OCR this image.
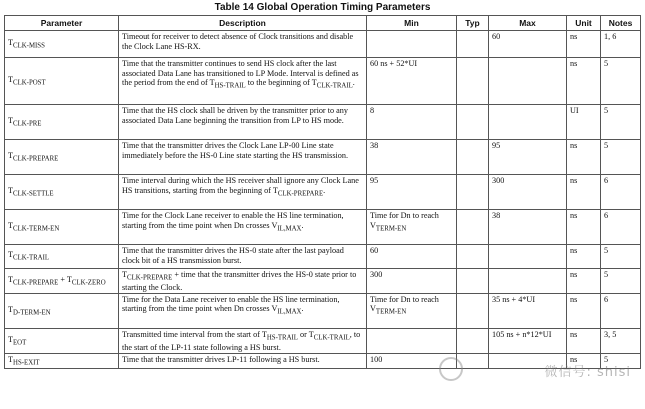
Table 14 Global Operation Timing Parameters
Parameter	Description	Min	Typ	Max	Unit	Notes
$T_{CLK-MISS}$	Timeout for receiver to detect absence of Clock transitions and disable the Clock Lane HS-RX.			60	ns	1, 6
$T_{CLK-POST}$	Time that the transmitter continues to send HS clock after the last associated Data Lane has transitioned to LP Mode. Interval is defined as the period from the end of $T_{HS-TRAIL}$ to the beginning of $T_{CLK-TRAIL}$.	60 ns + 52*UI			ns	5
$T_{CLK-PRE}$	Time that the HS clock shall be driven by the transmitter prior to any associated Data Lane beginning the transition from LP to HS mode.	8			UI	5
$T_{CLK-PREPARE}$	Time that the transmitter drives the Clock Lane LP-00 Line state immediately before the HS-0 Line state starting the HS transmission.	38		95	ns	5
$T_{CLK-SETTLE}$	Time interval during which the HS receiver shall ignore any Clock Lane HS transitions, starting from the beginning of $T_{CLK-PREPARE}$.	95		300	ns	6
$T_{CLK-TERM-EN}$	Time for the Clock Lane receiver to enable the HS line termination, starting from the time point when Dn crosses $V_{IL,MAX}$.	Time for Dn to reach $V_{TERM-EN}$		38	ns	6
$T_{CLK-TRAIL}$	Time that the transmitter drives the HS-0 state after the last payload clock bit of a HS transmission burst.	60			ns	5
$T_{CLK-PREPARE} + T_{CLK-ZERO}$	$T_{CLK-PREPARE}$ + time that the transmitter drives the HS-0 state prior to starting the Clock.	300			ns	5
$T_{D-TERM-EN}$	Time for the Data Lane receiver to enable the HS line termination, starting from the time point when Dn crosses $V_{IL,MAX}$.	Time for Dn to reach $V_{TERM-EN}$		35 ns + 4*UI	ns	6
$T_{EOT}$	Transmitted time interval from the start of $T_{HS-TRAIL}$ or $T_{CLK-TRAIL}$, to the start of the LP-11 state following a HS burst.			105 ns + n*12*UI	ns	3, 5
$T_{HS-EXIT}$	Time that the transmitter drives LP-11 following a HS burst.	100			ns	5
微信号: shisi
